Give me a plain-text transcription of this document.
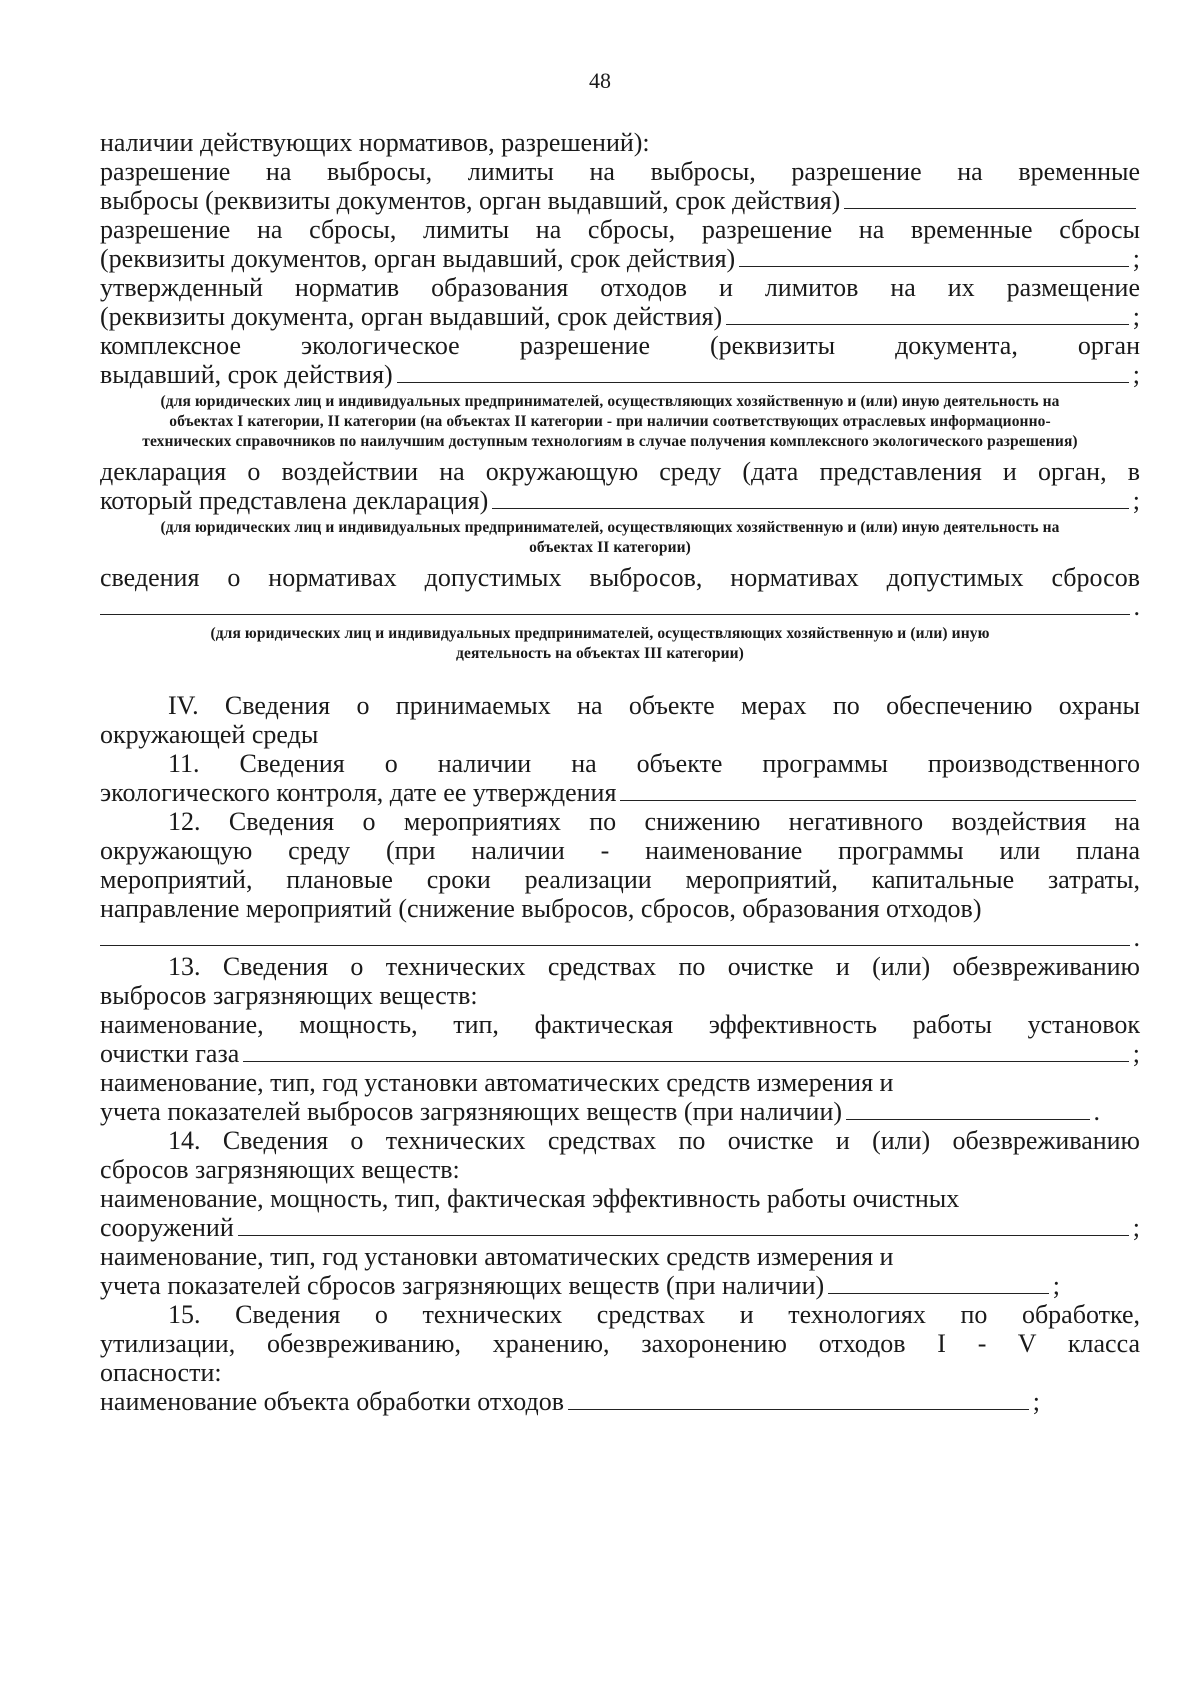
48
наличии действующих нормативов, разрешений):
разрешение на выбросы, лимиты на выбросы, разрешение на временные
выбросы (реквизиты документов, орган выдавший, срок действия)
разрешение на сбросы, лимиты на сбросы, разрешение на временные сбросы
(реквизиты документов, орган выдавший, срок действия)	;
утвержденный норматив образования отходов и лимитов на их размещение
(реквизиты документа, орган выдавший, срок действия)	;
комплексное экологическое разрешение (реквизиты документа, орган
выдавший, срок действия)	;
(для юридических лиц и индивидуальных предпринимателей, осуществляющих хозяйственную и (или) иную деятельность на объектах I категории, II категории (на объектах II категории - при наличии соответствующих отраслевых информационно-технических справочников по наилучшим доступным технологиям в случае получения комплексного экологического разрешения)
декларация о воздействии на окружающую среду (дата представления и орган, в
который представлена декларация)	;
(для юридических лиц и индивидуальных предпринимателей, осуществляющих хозяйственную и (или) иную деятельность на объектах II категории)
сведения о нормативах допустимых выбросов, нормативах допустимых сбросов
.
(для юридических лиц и индивидуальных предпринимателей, осуществляющих хозяйственную и (или) иную деятельность на объектах III категории)
IV. Сведения о принимаемых на объекте мерах по обеспечению охраны
окружающей среды
11. Сведения о наличии на объекте программы производственного
экологического контроля, дате ее утверждения
12. Сведения о мероприятиях по снижению негативного воздействия на
окружающую среду (при наличии - наименование программы или плана
мероприятий, плановые сроки реализации мероприятий, капитальные затраты,
направление мероприятий (снижение выбросов, сбросов, образования отходов)
.
13. Сведения о технических средствах по очистке и (или) обезвреживанию
выбросов загрязняющих веществ:
наименование, мощность, тип, фактическая эффективность работы установок
очистки газа	;
наименование, тип, год установки автоматических средств измерения и
учета показателей выбросов загрязняющих веществ (при наличии)	.
14. Сведения о технических средствах по очистке и (или) обезвреживанию
сбросов загрязняющих веществ:
наименование, мощность, тип, фактическая эффективность работы очистных
сооружений	;
наименование, тип, год установки автоматических средств измерения и
учета показателей сбросов загрязняющих веществ (при наличии)	;
15. Сведения о технических средствах и технологиях по обработке,
утилизации, обезвреживанию, хранению, захоронению отходов I - V класса
опасности:
наименование объекта обработки отходов	;
